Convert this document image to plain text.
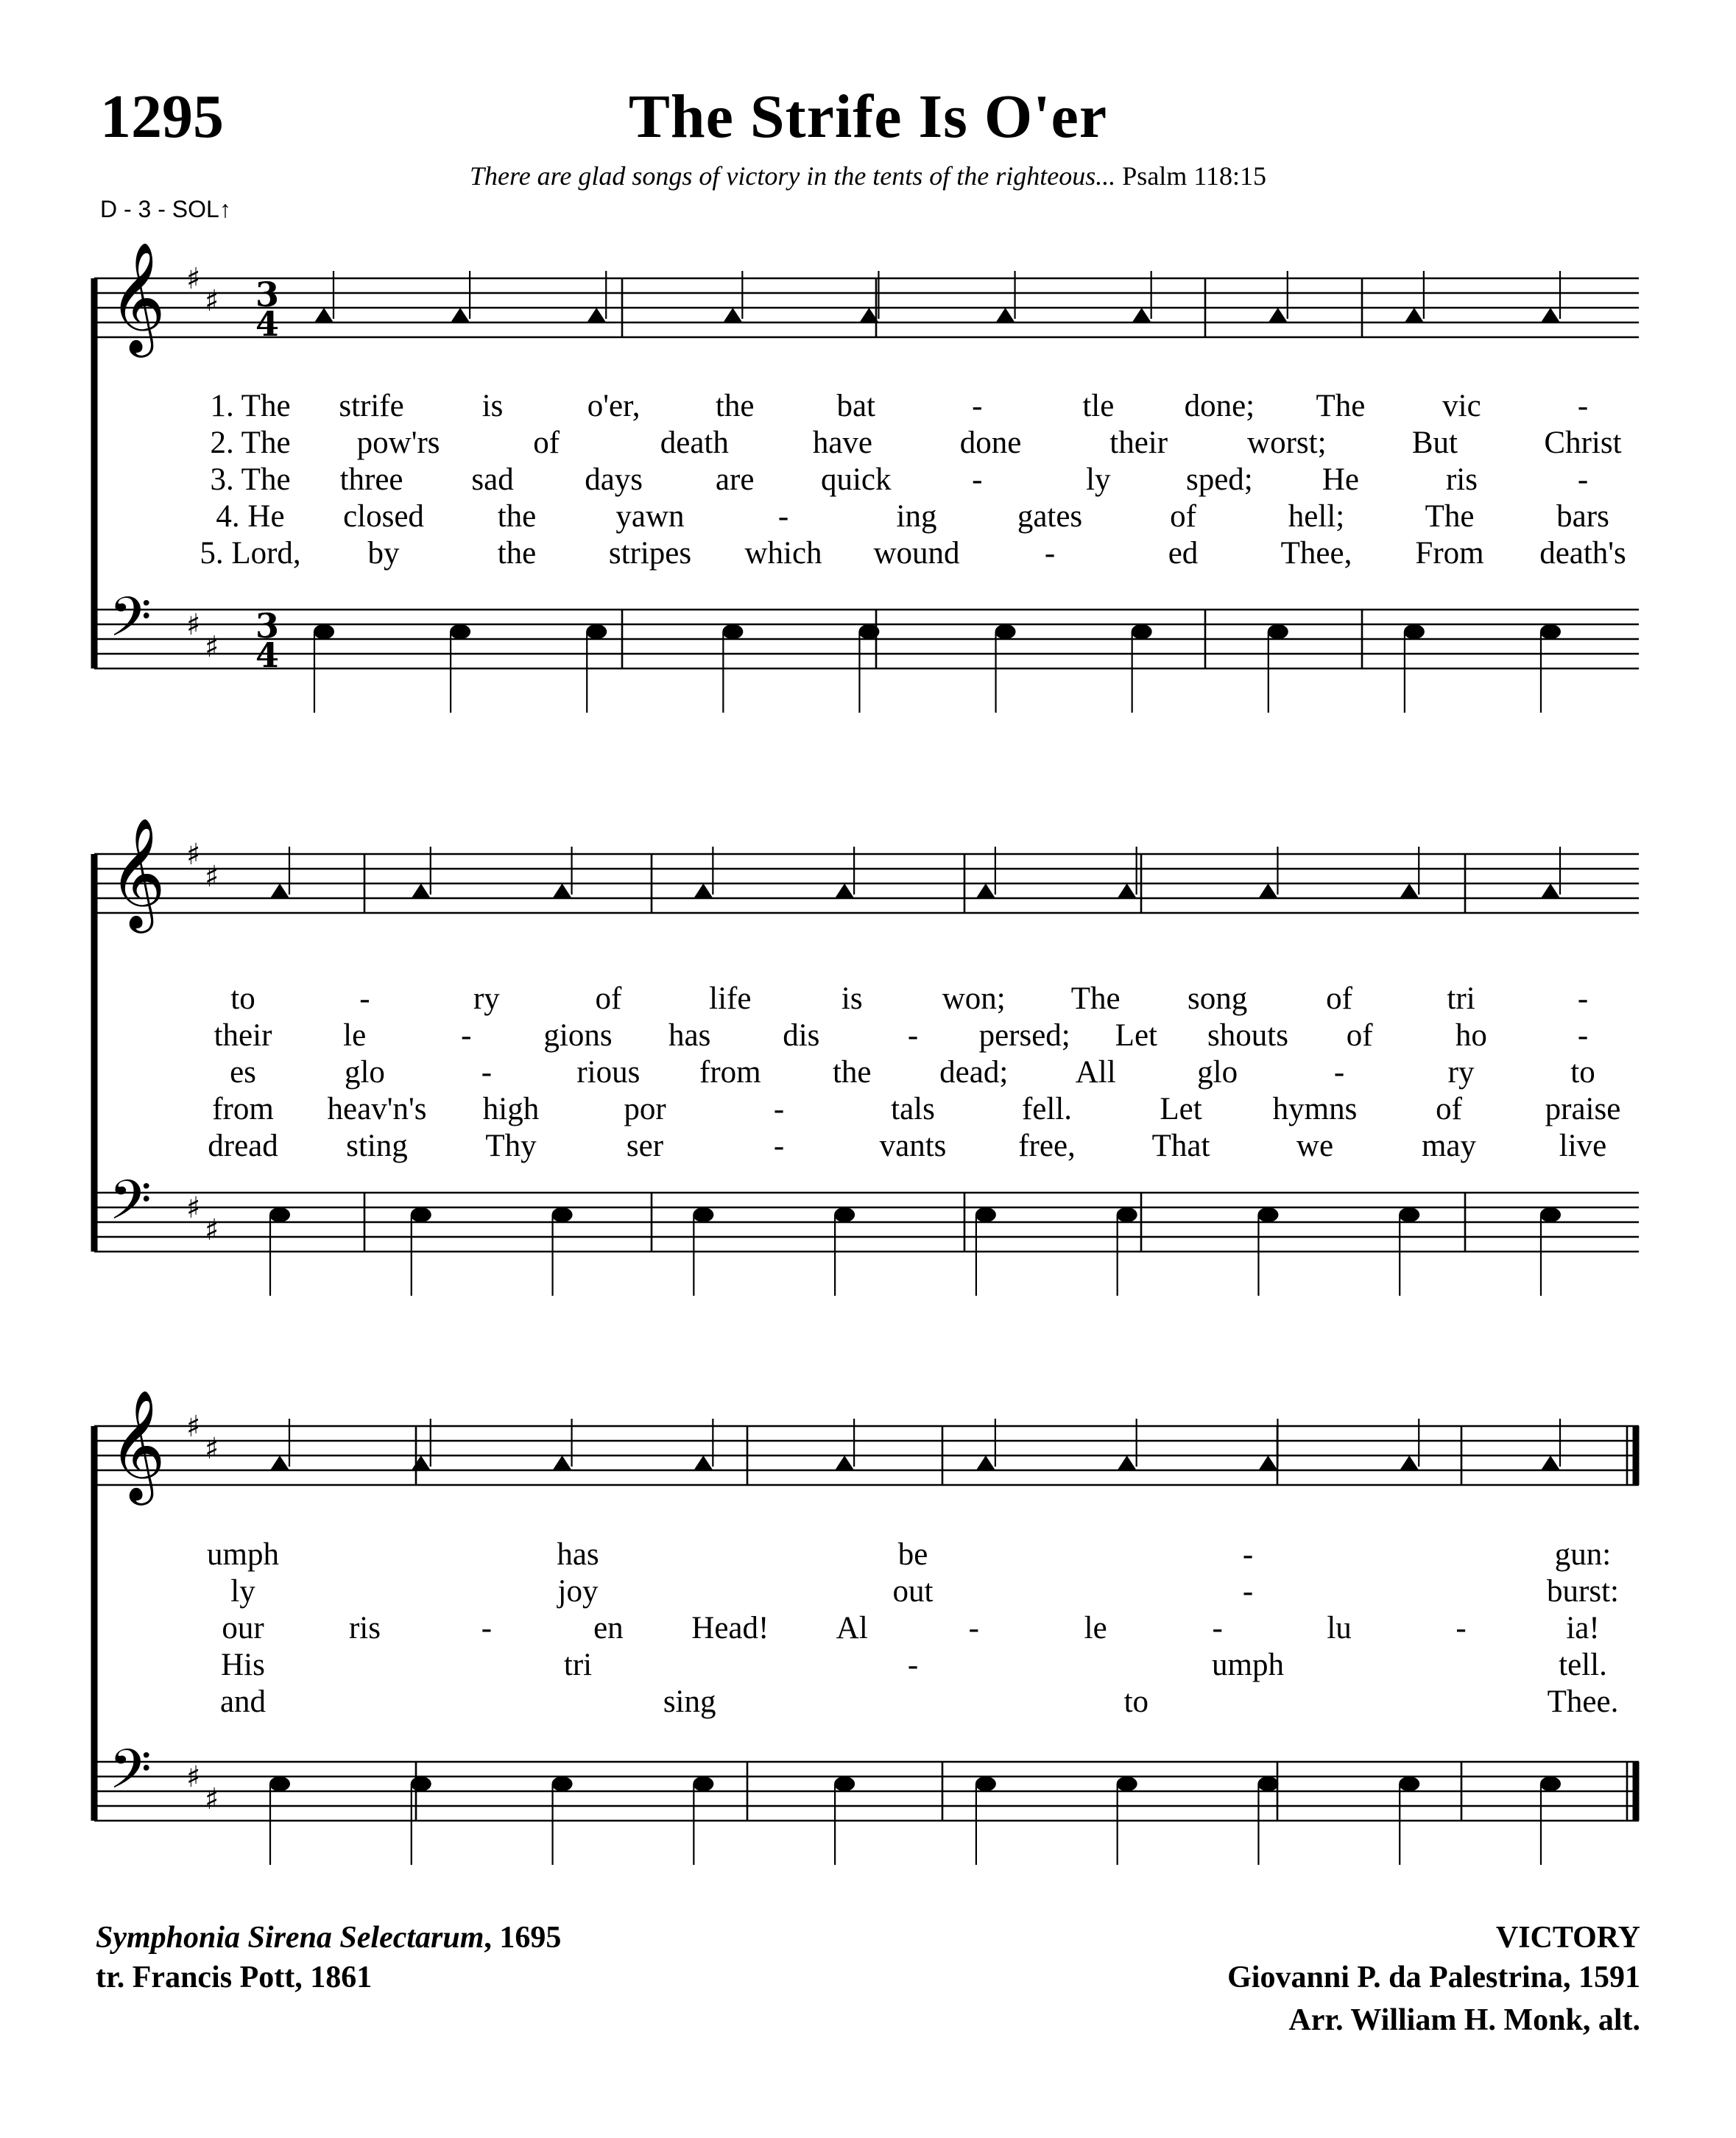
1295	The Strife Is O'er
There are glad songs of victory in the tents of the righteous... Psalm 118:15
D - 3 - SOL↑
𝄞 ♯
♯ 3
4
𝄢 ♯
♯
3
4
𝄞 ♯
♯
𝄢 ♯
♯
𝄞 ♯
♯
𝄢 ♯
♯
1. The strife is	o'er, the	bat	-	tle done; The vic	-
2. The pow'rs	of	death	have	done	their	worst;	But	Christ
3. The three sad days are quick	-	ly sped; He	ris	-
4. He closed the	yawn	-	ing	gates	of	hell;	The	bars
5. Lord, by	the stripes which wound	-	ed	Thee, From death's
to	-	ry	of	life	is	won; The song of	tri	-
their le	- gions has dis	- persed; Let shouts of	ho	-
es	glo	-	rious from the dead; All	glo	-	ry	to
from heav'n's high	por	-	tals	fell.	Let hymns of	praise
dread sting Thy	ser	-	vants free, That	we	may	live
umph	has	be	-	gun:
ly	joy	out	-	burst:
our	ris	-	en Head! Al	-	le	-	lu	-	ia!
His	tri	-	umph	tell.
and	sing	to	Thee.
Symphonia Sirena Selectarum, 1695
tr. Francis Pott, 1861
VICTORY
Giovanni P. da Palestrina, 1591
Arr. William H. Monk, alt.
